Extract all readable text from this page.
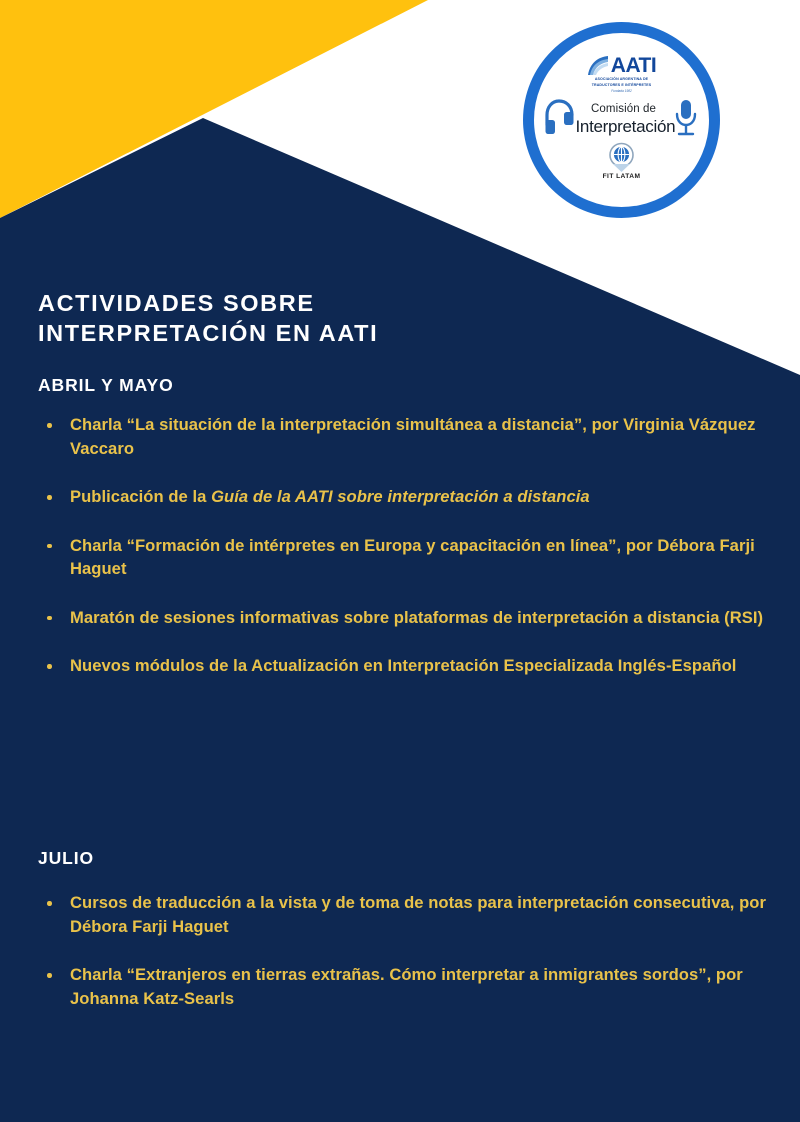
AATI
ASOCIACIÓN ARGENTINA DE
TRADUCTORES E INTÉRPRETES
Fundada 1982
Comisión de
Interpretación
FIT LATAM
ACTIVIDADES SOBRE
INTERPRETACIÓN EN AATI
ABRIL Y MAYO
Charla “La situación de la interpretación simultánea a distancia”, por Virginia Vázquez Vaccaro
Publicación de la Guía de la AATI sobre interpretación a distancia
Charla “Formación de intérpretes en Europa y capacitación en línea”, por Débora Farji Haguet
Maratón de sesiones informativas sobre plataformas de interpretación a distancia (RSI)
Nuevos módulos de la Actualización en Interpretación Especializada Inglés-Español
JULIO
Cursos de traducción a la vista y de toma de notas para interpretación consecutiva, por Débora Farji Haguet
Charla “Extranjeros en tierras extrañas. Cómo interpretar a inmigrantes sordos”, por Johanna Katz-Searls
